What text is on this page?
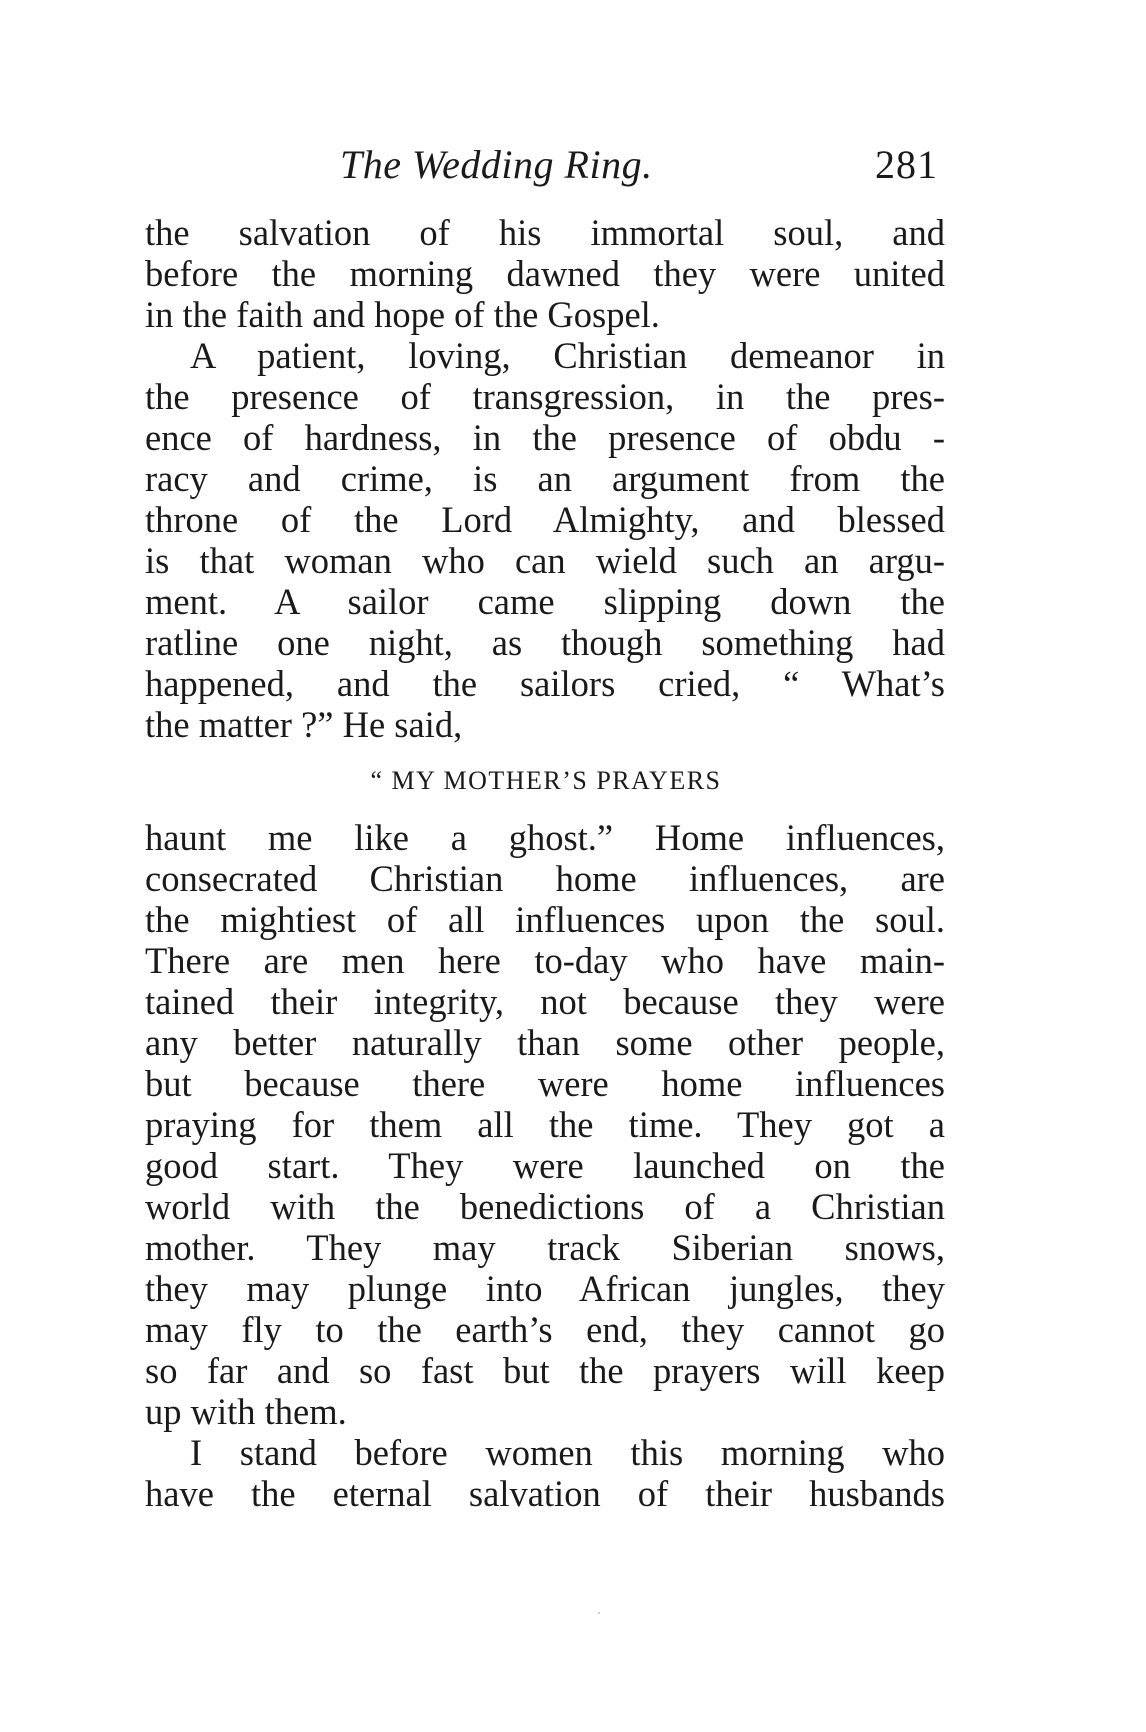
The Wedding Ring.	281
the salvation of his immortal soul, and
before the morning dawned they were united
in the faith and hope of the Gospel.
A patient, loving, Christian demeanor in
the presence of transgression, in the pres-
ence of hardness, in the presence of obdu -
racy and crime, is an argument from the
throne of the Lord Almighty, and blessed
is that woman who can wield such an argu-
ment. A sailor came slipping down the
ratline one night, as though something had
happened, and the sailors cried, “ What’s
the matter ?” He said,
“ MY MOTHER’S PRAYERS
haunt me like a ghost.” Home influences,
consecrated Christian home influences, are
the mightiest of all influences upon the soul.
There are men here to-day who have main-
tained their integrity, not because they were
any better naturally than some other people,
but because there were home influences
praying for them all the time. They got a
good start. They were launched on the
world with the benedictions of a Christian
mother. They may track Siberian snows,
they may plunge into African jungles, they
may fly to the earth’s end, they cannot go
so far and so fast but the prayers will keep
up with them.
I stand before women this morning who
have the eternal salvation of their husbands
